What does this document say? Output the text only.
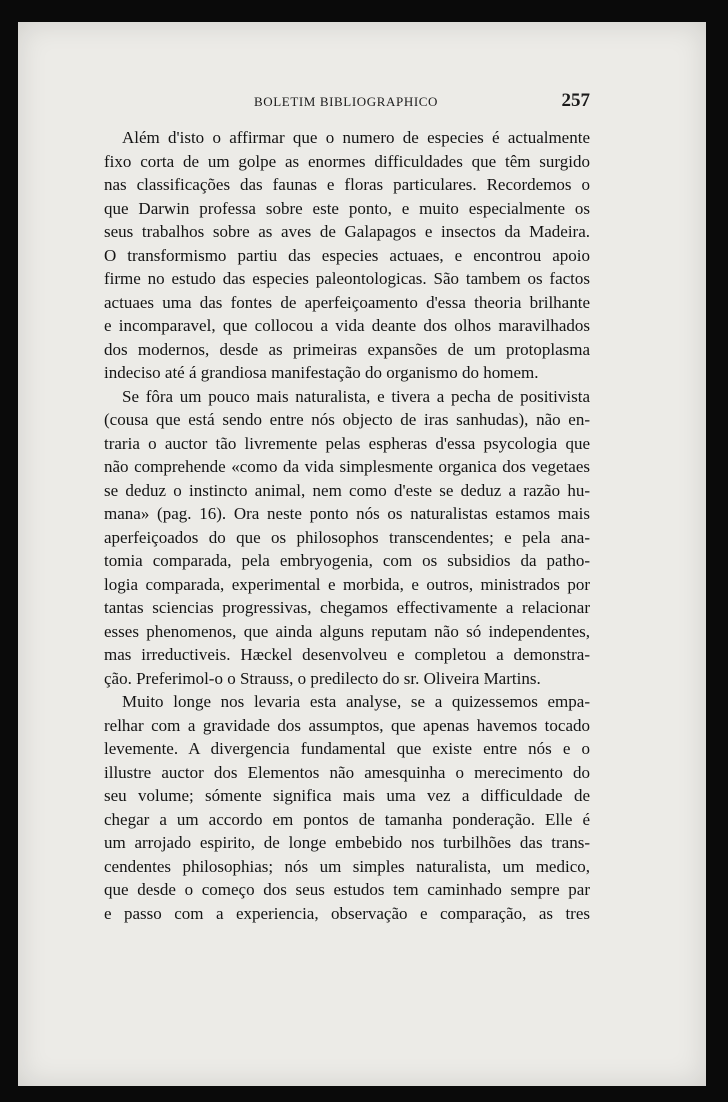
BOLETIM BIBLIOGRAPHICO	257
Além d'isto o affirmar que o numero de especies é actualmente
fixo corta de um golpe as enormes difficuldades que têm surgido
nas classificações das faunas e floras particulares. Recordemos o
que Darwin professa sobre este ponto, e muito especialmente os
seus trabalhos sobre as aves de Galapagos e insectos da Madeira.
O transformismo partiu das especies actuaes, e encontrou apoio
firme no estudo das especies paleontologicas. São tambem os factos
actuaes uma das fontes de aperfeiçoamento d'essa theoria brilhante
e incomparavel, que collocou a vida deante dos olhos maravilhados
dos modernos, desde as primeiras expansões de um protoplasma
indeciso até á grandiosa manifestação do organismo do homem.
Se fôra um pouco mais naturalista, e tivera a pecha de positivista
(cousa que está sendo entre nós objecto de iras sanhudas), não en-
traria o auctor tão livremente pelas espheras d'essa psycologia que
não comprehende «como da vida simplesmente organica dos vegetaes
se deduz o instincto animal, nem como d'este se deduz a razão hu-
mana» (pag. 16). Ora neste ponto nós os naturalistas estamos mais
aperfeiçoados do que os philosophos transcendentes; e pela ana-
tomia comparada, pela embryogenia, com os subsidios da patho-
logia comparada, experimental e morbida, e outros, ministrados por
tantas sciencias progressivas, chegamos effectivamente a relacionar
esses phenomenos, que ainda alguns reputam não só independentes,
mas irreductiveis. Hæckel desenvolveu e completou a demonstra-
ção. Preferimol-o o Strauss, o predilecto do sr. Oliveira Martins.
Muito longe nos levaria esta analyse, se a quizessemos empa-
relhar com a gravidade dos assumptos, que apenas havemos tocado
levemente. A divergencia fundamental que existe entre nós e o
illustre auctor dos Elementos não amesquinha o merecimento do
seu volume; sómente significa mais uma vez a difficuldade de
chegar a um accordo em pontos de tamanha ponderação. Elle é
um arrojado espirito, de longe embebido nos turbilhões das trans-
cendentes philosophias; nós um simples naturalista, um medico,
que desde o começo dos seus estudos tem caminhado sempre par
e passo com a experiencia, observação e comparação, as tres
